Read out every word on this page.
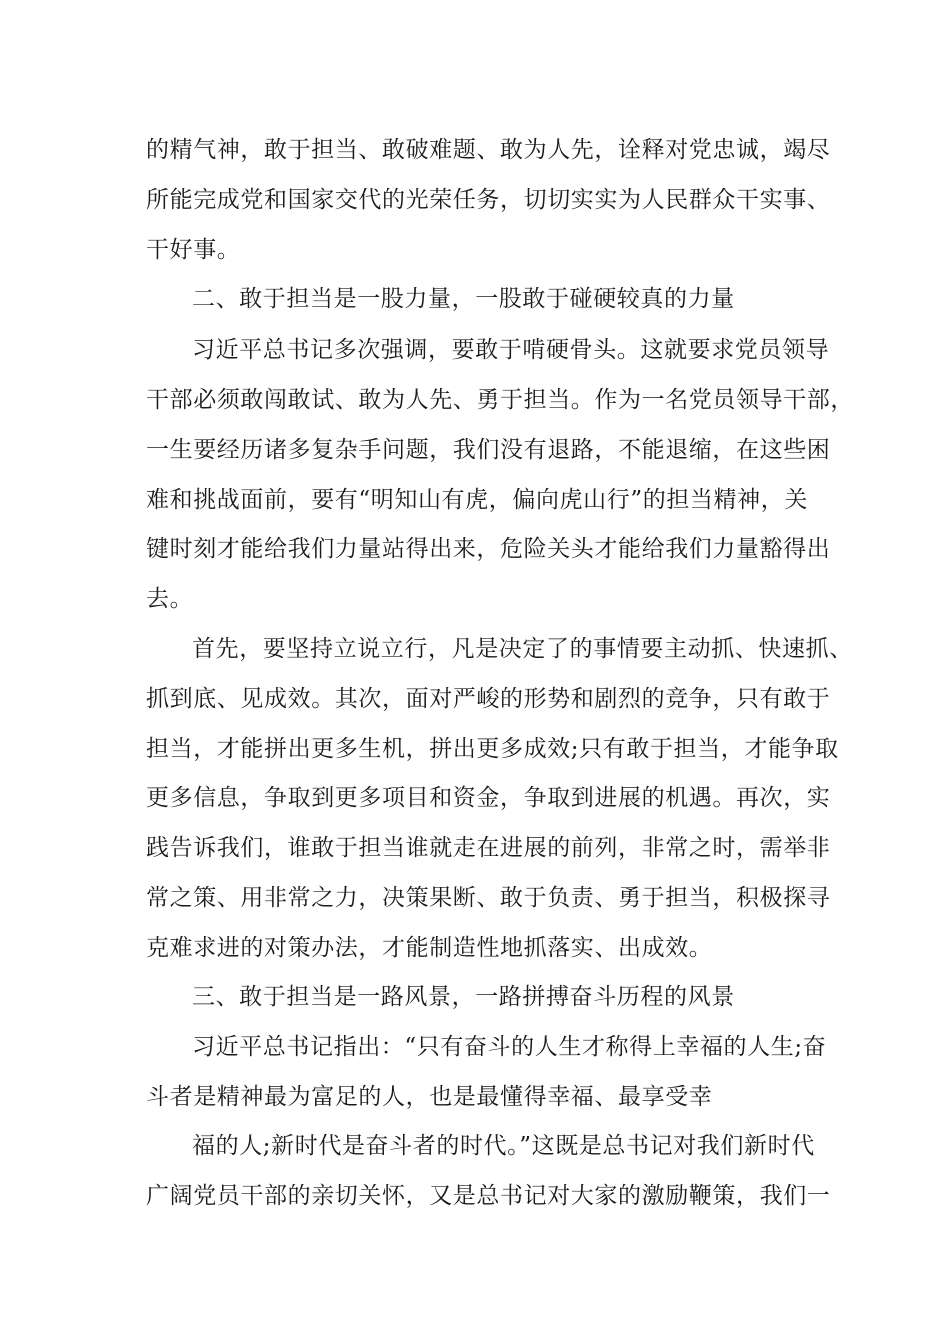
的精气神，敢于担当、敢破难题、敢为人先，诠释对党忠诚，竭尽
所能完成党和国家交代的光荣任务，切切实实为人民群众干实事、
干好事。
二、敢于担当是一股力量，一股敢于碰硬较真的力量
习近平总书记多次强调，要敢于啃硬骨头。这就要求党员领导
干部必须敢闯敢试、敢为人先、勇于担当。作为一名党员领导干部，
一生要经历诸多复杂手问题，我们没有退路，不能退缩，在这些困
难和挑战面前，要有“明知山有虎，偏向虎山行”的担当精神，关
键时刻才能给我们力量站得出来，危险关头才能给我们力量豁得出
去。
首先，要坚持立说立行，凡是决定了的事情要主动抓、快速抓、
抓到底、见成效。其次，面对严峻的形势和剧烈的竞争，只有敢于
担当，才能拼出更多生机，拼出更多成效;只有敢于担当，才能争取
更多信息，争取到更多项目和资金，争取到进展的机遇。再次，实
践告诉我们，谁敢于担当谁就走在进展的前列，非常之时，需举非
常之策、用非常之力，决策果断、敢于负责、勇于担当，积极探寻
克难求进的对策办法，才能制造性地抓落实、出成效。
三、敢于担当是一路风景，一路拼搏奋斗历程的风景
习近平总书记指出：“只有奋斗的人生才称得上幸福的人生;奋
斗者是精神最为富足的人，也是最懂得幸福、最享受幸
福的人;新时代是奋斗者的时代。”这既是总书记对我们新时代
广阔党员干部的亲切关怀，又是总书记对大家的激励鞭策，我们一
